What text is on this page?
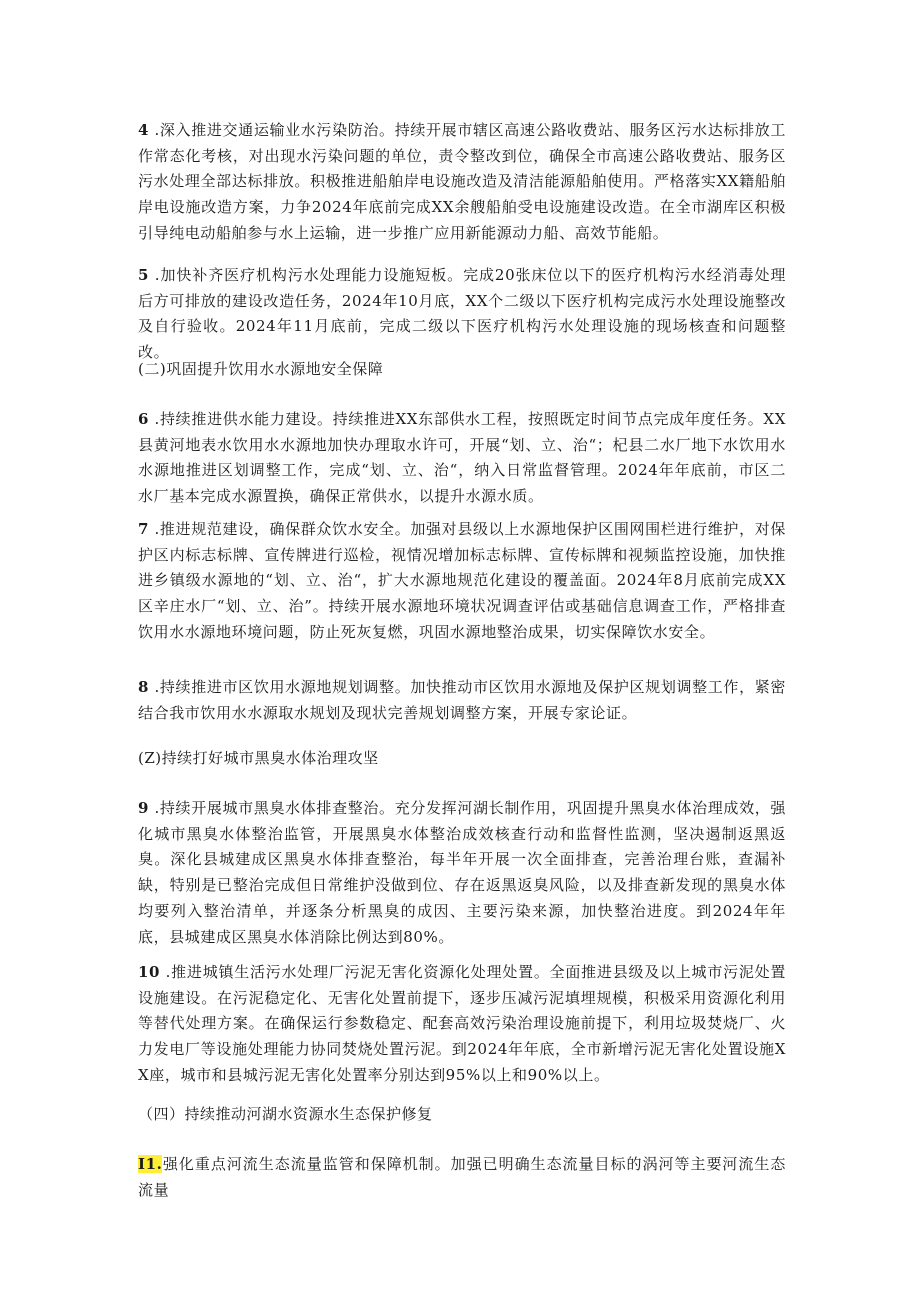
4 .深入推进交通运输业水污染防治。持续开展市辖区高速公路收费站、服务区污水达标排放工作常态化考核，对出现水污染问题的单位，责令整改到位，确保全市高速公路收费站、服务区污水处理全部达标排放。积极推进船舶岸电设施改造及清洁能源船舶使用。严格落实XX籍船舶岸电设施改造方案，力争2024年底前完成XX余艘船舶受电设施建设改造。在全市湖库区积极引导纯电动船舶参与水上运输，进一步推广应用新能源动力船、高效节能船。

5 .加快补齐医疗机构污水处理能力设施短板。完成20张床位以下的医疗机构污水经消毒处理后方可排放的建设改造任务，2024年10月底，XX个二级以下医疗机构完成污水处理设施整改及自行验收。2024年11月底前，完成二级以下医疗机构污水处理设施的现场核查和问题整改。

(二)巩固提升饮用水水源地安全保障

6 .持续推进供水能力建设。持续推进XX东部供水工程，按照既定时间节点完成年度任务。XX县黄河地表水饮用水水源地加快办理取水许可，开展“划、立、治“；杞县二水厂地下水饮用水水源地推进区划调整工作，完成“划、立、治“，纳入日常监督管理。2024年年底前，市区二水厂基本完成水源置换，确保正常供水，以提升水源水质。

7 .推进规范建设，确保群众饮水安全。加强对县级以上水源地保护区围网围栏进行维护，对保护区内标志标牌、宣传牌进行巡检，视情况增加标志标牌、宣传标牌和视频监控设施，加快推进乡镇级水源地的“划、立、治“，扩大水源地规范化建设的覆盖面。2024年8月底前完成XX区辛庄水厂“划、立、治”。持续开展水源地环境状况调查评估或基础信息调查工作，严格排查饮用水水源地环境问题，防止死灰复燃，巩固水源地整治成果，切实保障饮水安全。

8 .持续推进市区饮用水源地规划调整。加快推动市区饮用水源地及保护区规划调整工作，紧密结合我市饮用水水源取水规划及现状完善规划调整方案，开展专家论证。

(Z)持续打好城市黑臭水体治理攻坚

9 .持续开展城市黑臭水体排查整治。充分发挥河湖长制作用，巩固提升黑臭水体治理成效，强化城市黑臭水体整治监管，开展黑臭水体整治成效核查行动和监督性监测，坚决遏制返黑返臭。深化县城建成区黑臭水体排查整治，每半年开展一次全面排查，完善治理台账，查漏补缺，特别是已整治完成但日常维护没做到位、存在返黑返臭风险，以及排查新发现的黑臭水体均要列入整治清单，并逐条分析黑臭的成因、主要污染来源，加快整治进度。到2024年年底，县城建成区黑臭水体消除比例达到80%。

10 .推进城镇生活污水处理厂污泥无害化资源化处理处置。全面推进县级及以上城市污泥处置设施建设。在污泥稳定化、无害化处置前提下，逐步压减污泥填埋规模，积极采用资源化利用等替代处理方案。在确保运行参数稳定、配套高效污染治理设施前提下，利用垃圾焚烧厂、火力发电厂等设施处理能力协同焚烧处置污泥。到2024年年底，全市新增污泥无害化处置设施XX座，城市和县城污泥无害化处置率分别达到95%以上和90%以上。

（四）持续推动河湖水资源水生态保护修复

I1.强化重点河流生态流量监管和保障机制。加强已明确生态流量目标的涡河等主要河流生态流量
